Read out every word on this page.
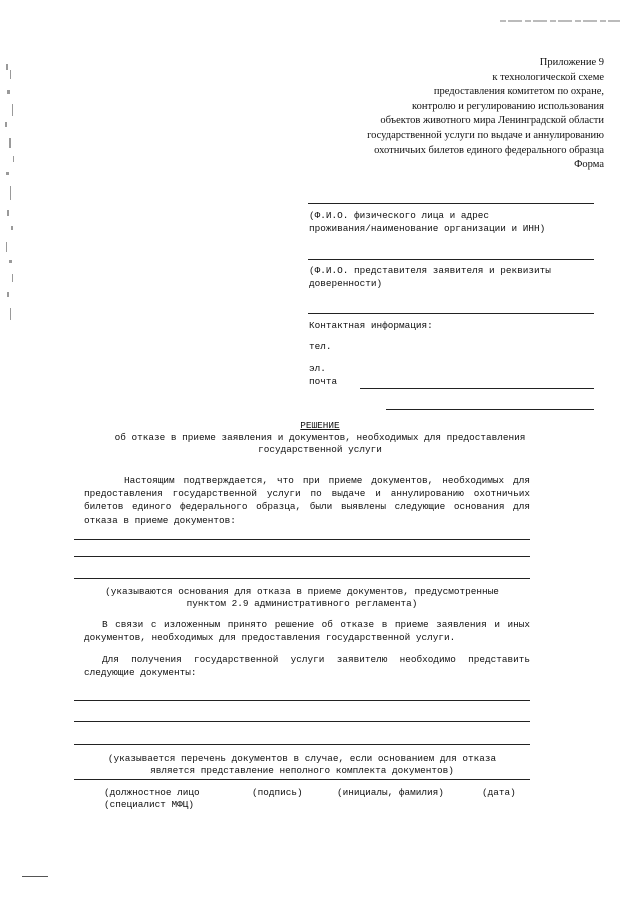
Приложение 9
к технологической схеме
предоставления комитетом по охране,
контролю и регулированию использования
объектов животного мира Ленинградской области
государственной услуги по выдаче и аннулированию
охотничьих билетов единого федерального образца
Форма
(Ф.И.О. физического лица и адрес
проживания/наименование организации и ИНН)
(Ф.И.О. представителя заявителя и реквизиты
доверенности)
Контактная информация:
тел.
эл.
почта
РЕШЕНИЕ
об отказе в приеме заявления и документов, необходимых для предоставления
государственной услуги
Настоящим подтверждается, что при приеме документов, необходимых для предоставления государственной услуги по выдаче и аннулированию охотничьих билетов единого федерального образца, были выявлены следующие основания для отказа в приеме документов:
(указываются основания для отказа в приеме документов, предусмотренные
пунктом 2.9 административного регламента)
В связи с изложенным принято решение об отказе в приеме заявления и иных документов, необходимых для предоставления государственной услуги.
Для получения государственной услуги заявителю необходимо представить следующие документы:
(указывается перечень документов в случае, если основанием для отказа
является представление неполного комплекта документов)
(должностное лицо
(специалист МФЦ)
(подпись)	(инициалы, фамилия)	(дата)
